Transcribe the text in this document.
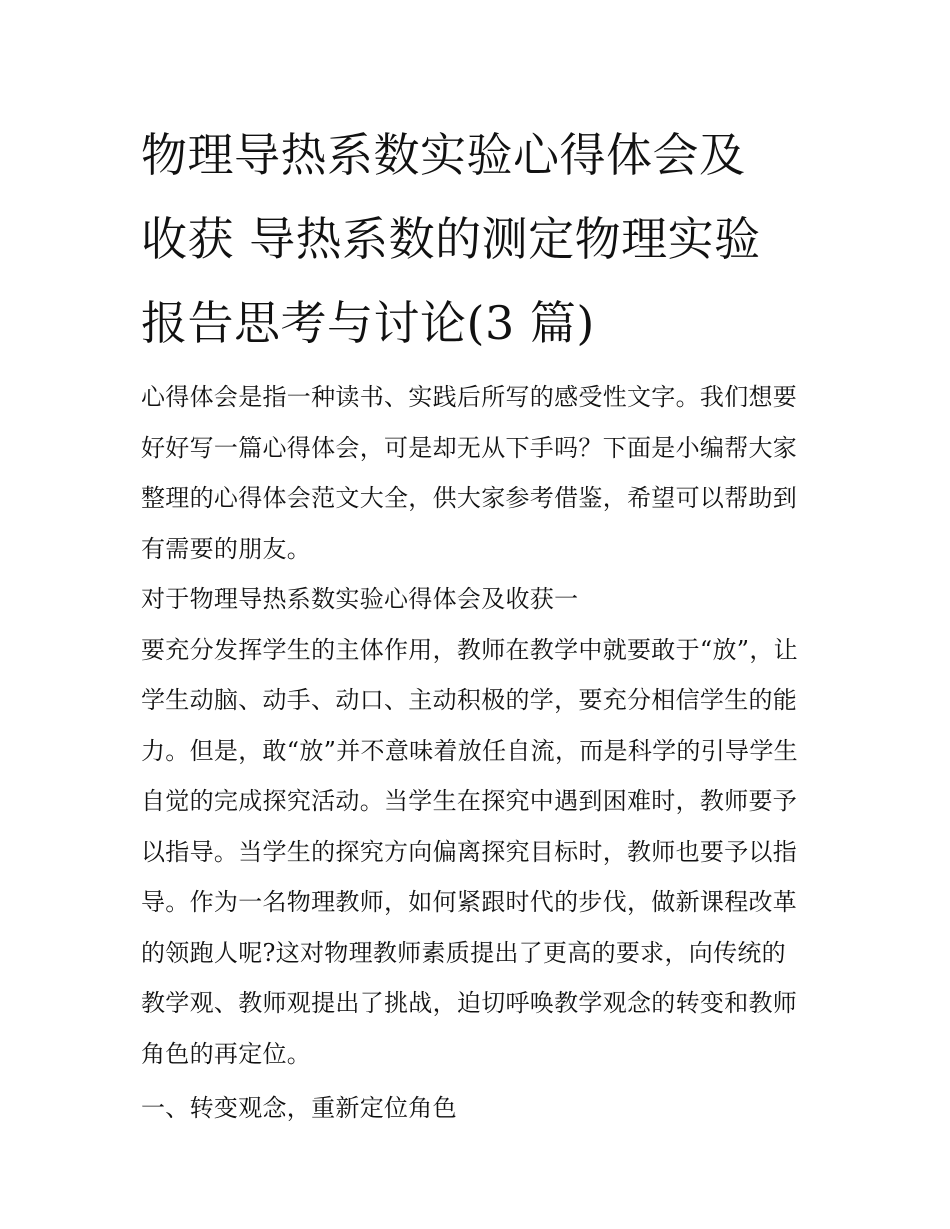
物理导热系数实验心得体会及
收获 导热系数的测定物理实验
报告思考与讨论(3 篇)

心得体会是指一种读书、实践后所写的感受性文字。我们想要
好好写一篇心得体会，可是却无从下手吗？下面是小编帮大家
整理的心得体会范文大全，供大家参考借鉴，希望可以帮助到
有需要的朋友。

对于物理导热系数实验心得体会及收获一

要充分发挥学生的主体作用，教师在教学中就要敢于“放”，让
学生动脑、动手、动口、主动积极的学，要充分相信学生的能
力。但是，敢“放”并不意味着放任自流，而是科学的引导学生
自觉的完成探究活动。当学生在探究中遇到困难时，教师要予
以指导。当学生的探究方向偏离探究目标时，教师也要予以指
导。作为一名物理教师，如何紧跟时代的步伐，做新课程改革
的领跑人呢?这对物理教师素质提出了更高的要求，向传统的
教学观、教师观提出了挑战，迫切呼唤教学观念的转变和教师
角色的再定位。

一、转变观念，重新定位角色
